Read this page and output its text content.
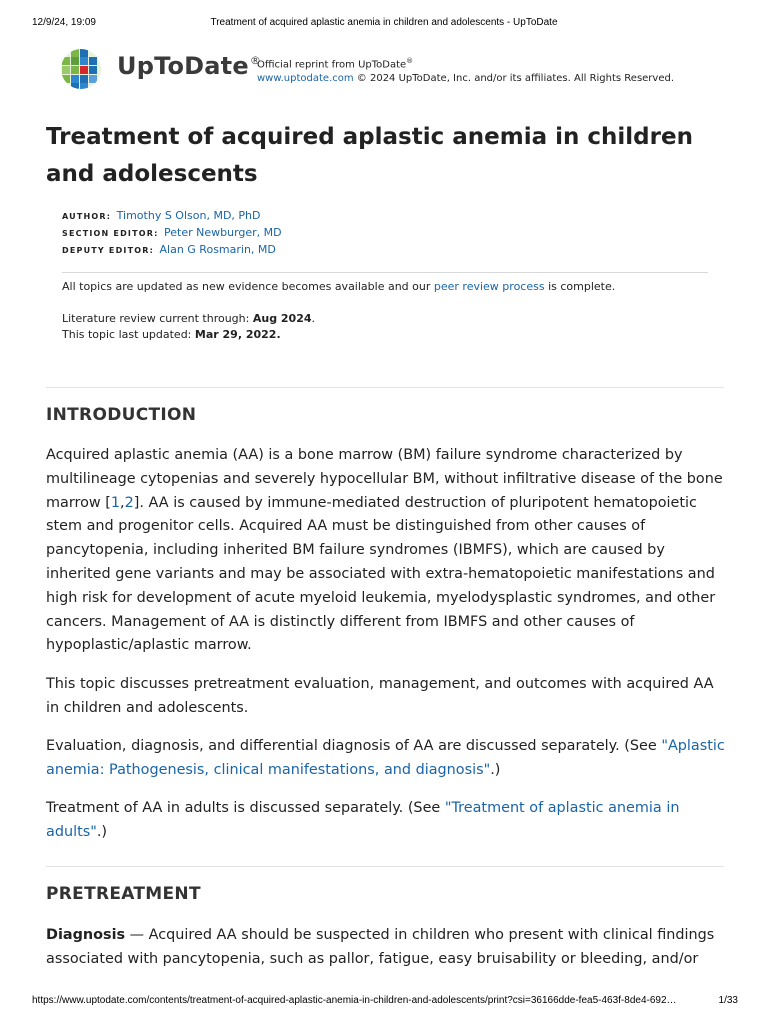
12/9/24, 19:09	Treatment of acquired aplastic anemia in children and adolescents - UpToDate
UpToDate®
Official reprint from UpToDate®
www.uptodate.com © 2024 UpToDate, Inc. and/or its affiliates. All Rights Reserved.
Treatment of acquired aplastic anemia in children and adolescents
AUTHOR: Timothy S Olson, MD, PhD
SECTION EDITOR: Peter Newburger, MD
DEPUTY EDITOR: Alan G Rosmarin, MD
All topics are updated as new evidence becomes available and our peer review process is complete.
Literature review current through: Aug 2024.
This topic last updated: Mar 29, 2022.
INTRODUCTION

Acquired aplastic anemia (AA) is a bone marrow (BM) failure syndrome characterized by multilineage cytopenias and severely hypocellular BM, without infiltrative disease of the bone marrow [1,2]. AA is caused by immune-mediated destruction of pluripotent hematopoietic stem and progenitor cells. Acquired AA must be distinguished from other causes of pancytopenia, including inherited BM failure syndromes (IBMFS), which are caused by inherited gene variants and may be associated with extra-hematopoietic manifestations and high risk for development of acute myeloid leukemia, myelodysplastic syndromes, and other cancers. Management of AA is distinctly different from IBMFS and other causes of hypoplastic/aplastic marrow.

This topic discusses pretreatment evaluation, management, and outcomes with acquired AA in children and adolescents.

Evaluation, diagnosis, and differential diagnosis of AA are discussed separately. (See "Aplastic anemia: Pathogenesis, clinical manifestations, and diagnosis".)

Treatment of AA in adults is discussed separately. (See "Treatment of aplastic anemia in adults".)

PRETREATMENT

Diagnosis — Acquired AA should be suspected in children who present with clinical findings associated with pancytopenia, such as pallor, fatigue, easy bruisability or bleeding, and/or

https://www.uptodate.com/contents/treatment-of-acquired-aplastic-anemia-in-children-and-adolescents/print?csi=36166dde-fea5-463f-8de4-692…	1/33
